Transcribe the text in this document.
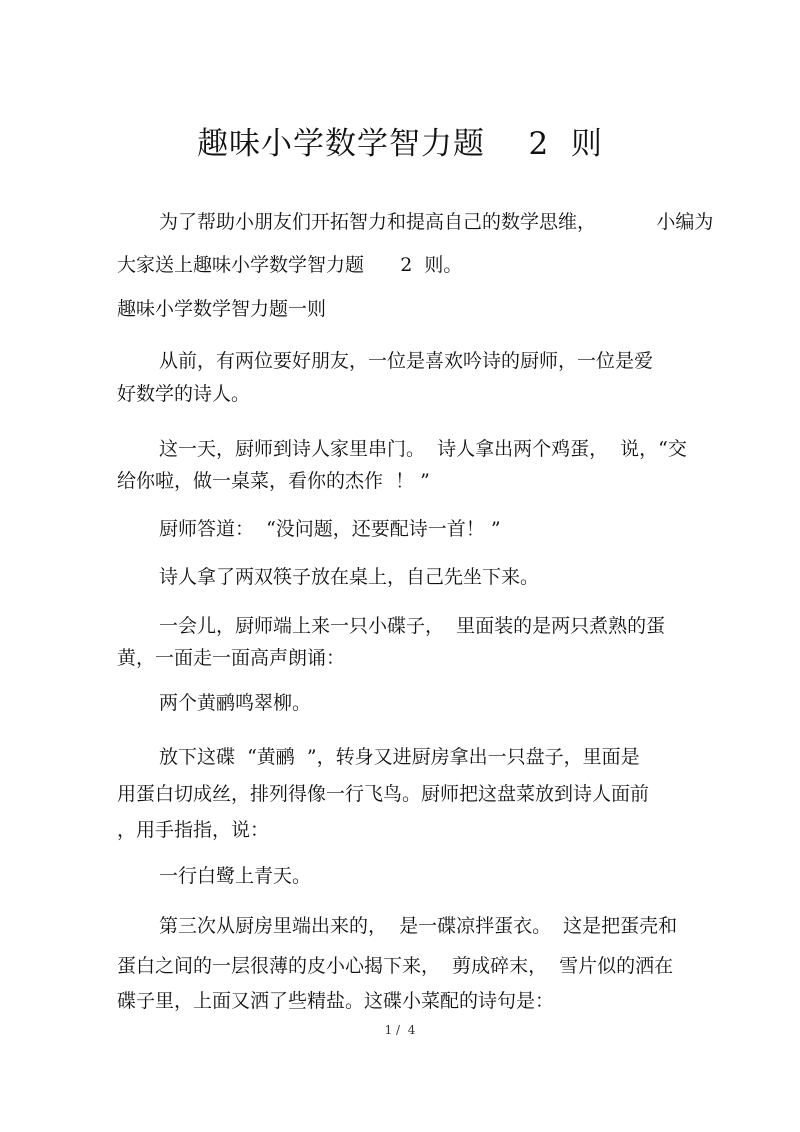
趣味小学数学智力题    2  则
为了帮助小朋友们开拓智力和提高自己的数学思维，          小编为
大家送上趣味小学数学智力题      2  则。
趣味小学数学智力题一则
从前，有两位要好朋友，一位是喜欢吟诗的厨师，一位是爱
好数学的诗人。
这一天，厨师到诗人家里串门。  诗人拿出两个鸡蛋，  说，“交
给你啦，做一桌菜，看你的杰作  ！ ”
厨师答道：  “没问题，还要配诗一首！ ”
诗人拿了两双筷子放在桌上，自己先坐下来。
一会儿，厨师端上来一只小碟子，  里面装的是两只煮熟的蛋
黄，一面走一面高声朗诵：
两个黄鹂鸣翠柳。
放下这碟  “黄鹂  ”，转身又进厨房拿出一只盘子，里面是
用蛋白切成丝，排列得像一行飞鸟。厨师把这盘菜放到诗人面前
，用手指指，说：
一行白鹭上青天。
第三次从厨房里端出来的，  是一碟凉拌蛋衣。  这是把蛋壳和
蛋白之间的一层很薄的皮小心揭下来，  剪成碎末，  雪片似的洒在
碟子里，上面又洒了些精盐。这碟小菜配的诗句是：
1 /  4
